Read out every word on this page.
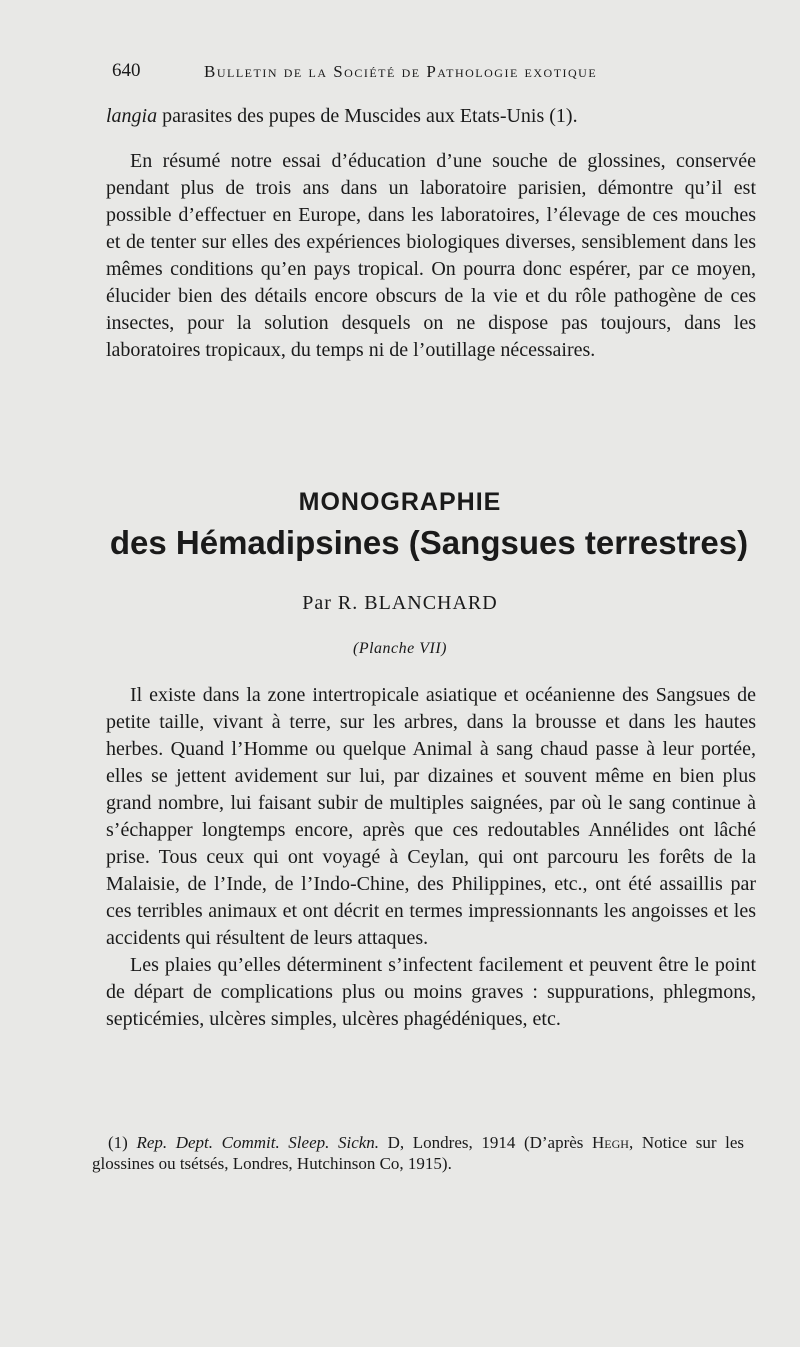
640	Bulletin de la Société de Pathologie exotique

langia parasites des pupes de Muscides aux Etats-Unis (1).

En résumé notre essai d’éducation d’une souche de glossines, conservée pendant plus de trois ans dans un laboratoire parisien, démontre qu’il est possible d’effectuer en Europe, dans les laboratoires, l’élevage de ces mouches et de tenter sur elles des expériences biologiques diverses, sensiblement dans les mêmes conditions qu’en pays tropical. On pourra donc espérer, par ce moyen, élucider bien des détails encore obscurs de la vie et du rôle pathogène de ces insectes, pour la solution desquels on ne dispose pas toujours, dans les laboratoires tropicaux, du temps ni de l’outillage nécessaires.

MONOGRAPHIE
des Hémadipsines (Sangsues terrestres)
Par R. BLANCHARD
(Planche VII)

Il existe dans la zone intertropicale asiatique et océanienne des Sangsues de petite taille, vivant à terre, sur les arbres, dans la brousse et dans les hautes herbes. Quand l’Homme ou quelque Animal à sang chaud passe à leur portée, elles se jettent avidement sur lui, par dizaines et souvent même en bien plus grand nombre, lui faisant subir de multiples saignées, par où le sang continue à s’échapper longtemps encore, après que ces redoutables Annélides ont lâché prise. Tous ceux qui ont voyagé à Ceylan, qui ont parcouru les forêts de la Malaisie, de l’Inde, de l’Indo-Chine, des Philippines, etc., ont été assaillis par ces terribles animaux et ont décrit en termes impressionnants les angoisses et les accidents qui résultent de leurs attaques.

Les plaies qu’elles déterminent s’infectent facilement et peuvent être le point de départ de complications plus ou moins graves : suppurations, phlegmons, septicémies, ulcères simples, ulcères phagédéniques, etc.

(1) Rep. Dept. Commit. Sleep. Sickn. D, Londres, 1914 (D’après Hegh, Notice sur les glossines ou tsétsés, Londres, Hutchinson Co, 1915).
